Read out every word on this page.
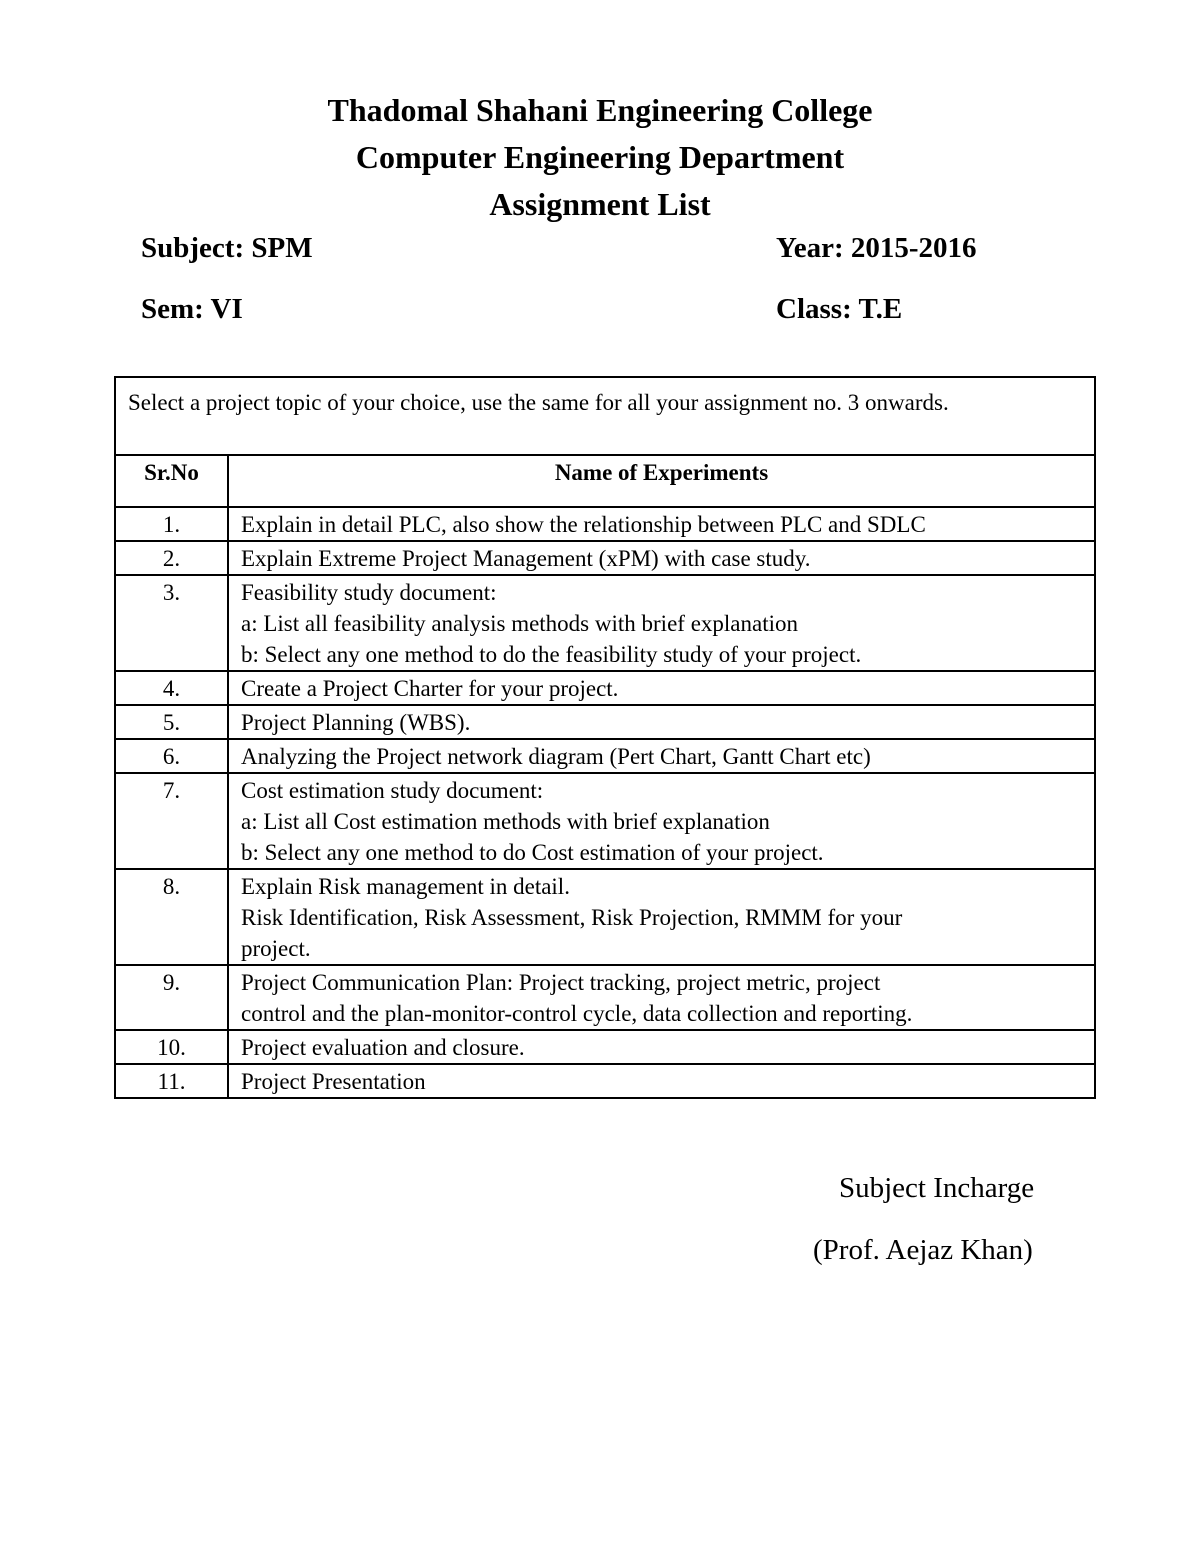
Thadomal Shahani Engineering College
Computer Engineering Department
Assignment List
Subject: SPM	Year: 2015-2016
Sem: VI	Class: T.E
Select a project topic of your choice, use the same for all your assignment no. 3 onwards.	
Sr.No	Name of Experiments
1.	Explain in detail PLC, also show the relationship between PLC and SDLC

2.	Explain Extreme Project Management (xPM) with case study.

3.	Feasibility study document:
a: List all feasibility analysis methods with brief explanation
b: Select any one method to do the feasibility study of your project.

4.	Create a Project Charter for your project.

5.	Project Planning (WBS).

6.	Analyzing the Project network diagram (Pert Chart, Gantt Chart etc)

7.	Cost estimation study document:
a: List all Cost estimation methods with brief explanation
b: Select any one method to do Cost estimation of your project.

8.	Explain Risk management in detail.
Risk Identification, Risk Assessment, Risk Projection, RMMM for your
project.

9.	Project Communication Plan: Project tracking, project metric, project
control and the plan-monitor-control cycle, data collection and reporting.

10.	Project evaluation and closure.

11.	Project Presentation
Subject Incharge
(Prof. Aejaz Khan)
